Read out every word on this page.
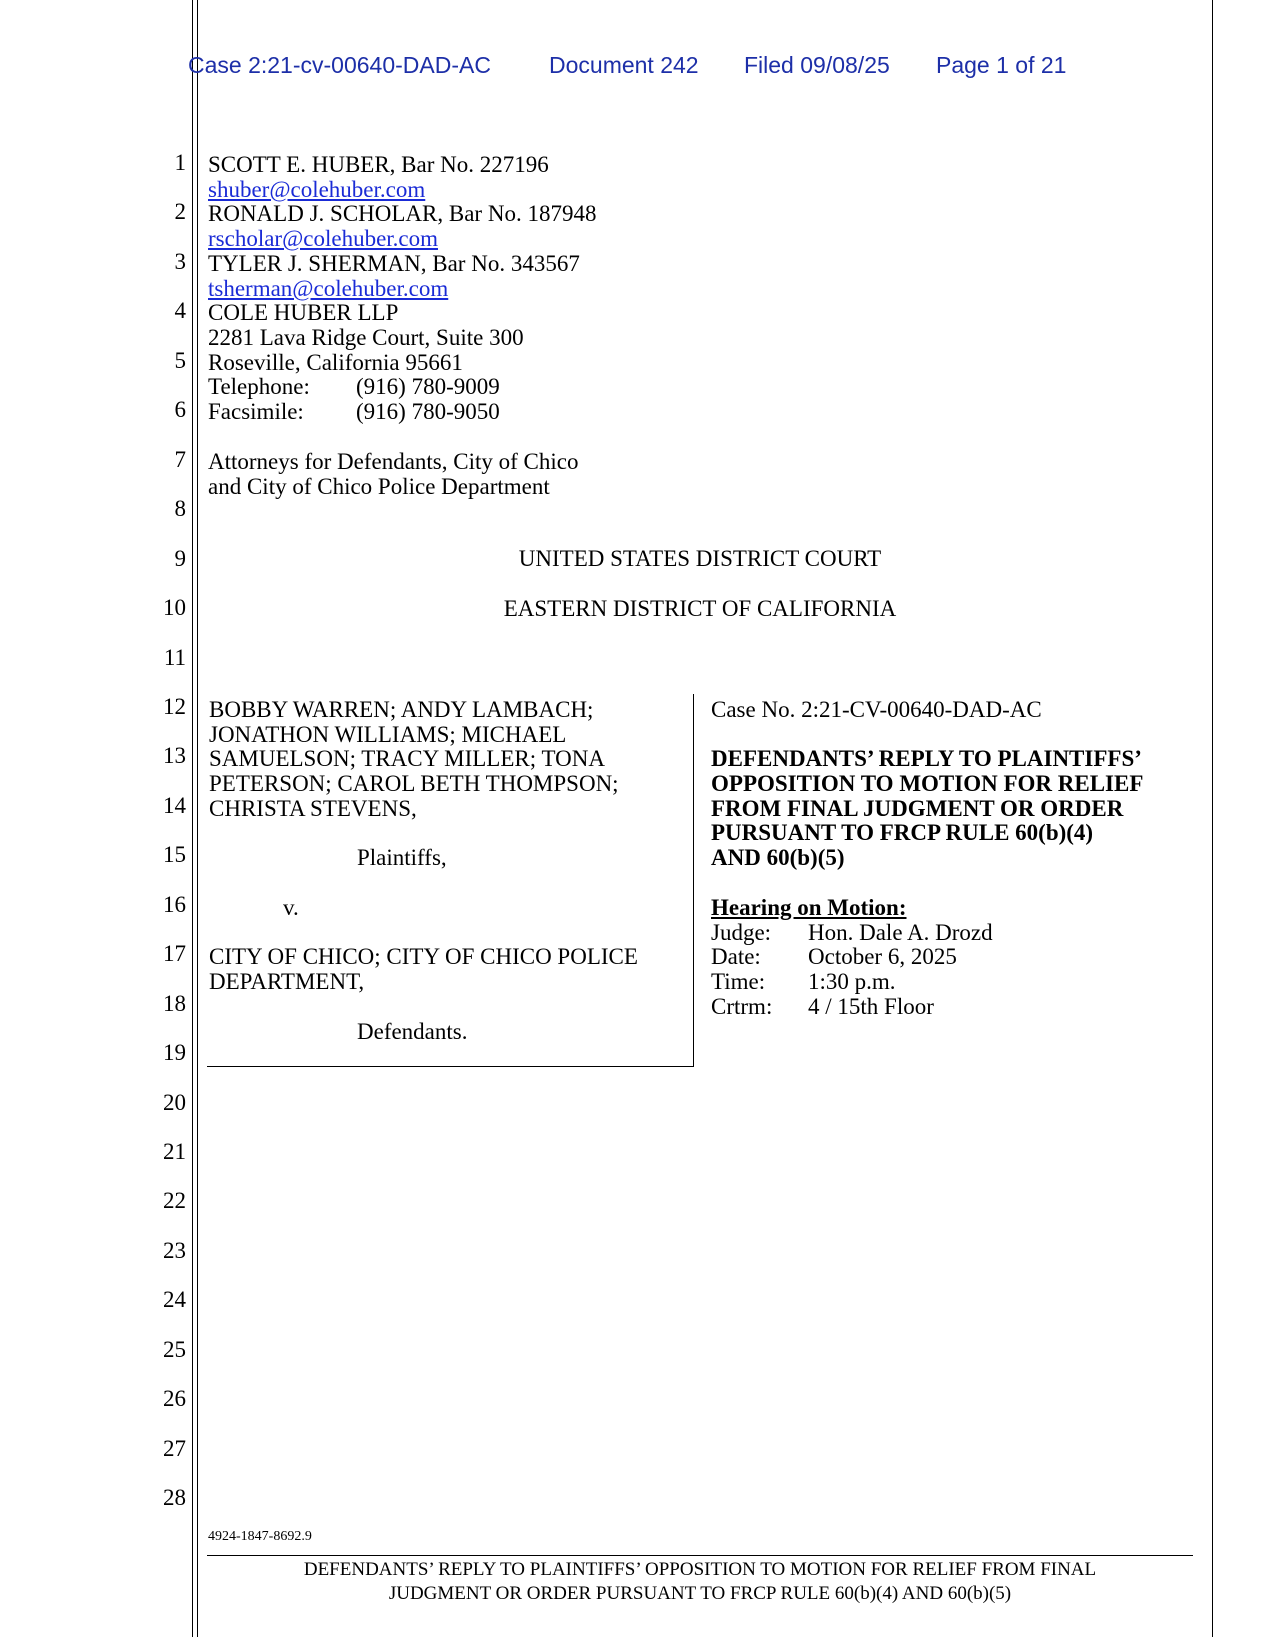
Case 2:21-cv-00640-DAD-AC	Document 242 Filed 09/08/25 Page 1 of 21
1
2
3
4
5
6
7
8
9
10
11
12
13
14
15
16
17
18
19
20
21
22
23
24
25
26
27
28
SCOTT E. HUBER, Bar No. 227196
shuber@colehuber.com
RONALD J. SCHOLAR, Bar No. 187948
rscholar@colehuber.com
TYLER J. SHERMAN, Bar No. 343567
tsherman@colehuber.com
COLE HUBER LLP
2281 Lava Ridge Court, Suite 300
Roseville, California 95661
Telephone: (916) 780-9009
Facsimile: (916) 780-9050
Attorneys for Defendants, City of Chico
and City of Chico Police Department
UNITED STATES DISTRICT COURT
EASTERN DISTRICT OF CALIFORNIA
BOBBY WARREN; ANDY LAMBACH;
JONATHON WILLIAMS; MICHAEL
SAMUELSON; TRACY MILLER; TONA
PETERSON; CAROL BETH THOMPSON;
CHRISTA STEVENS,
Plaintiffs,
v.
CITY OF CHICO; CITY OF CHICO POLICE
DEPARTMENT,
Defendants.
Case No. 2:21-CV-00640-DAD-AC
DEFENDANTS’ REPLY TO PLAINTIFFS’
OPPOSITION TO MOTION FOR RELIEF
FROM FINAL JUDGMENT OR ORDER
PURSUANT TO FRCP RULE 60(b)(4)
AND 60(b)(5)
Hearing on Motion:
Judge: Hon. Dale A. Drozd
Date: October 6, 2025
Time: 1:30 p.m.
Crtrm: 4 / 15th Floor
4924-1847-8692.9
DEFENDANTS’ REPLY TO PLAINTIFFS’ OPPOSITION TO MOTION FOR RELIEF FROM FINAL
JUDGMENT OR ORDER PURSUANT TO FRCP RULE 60(b)(4) AND 60(b)(5)
